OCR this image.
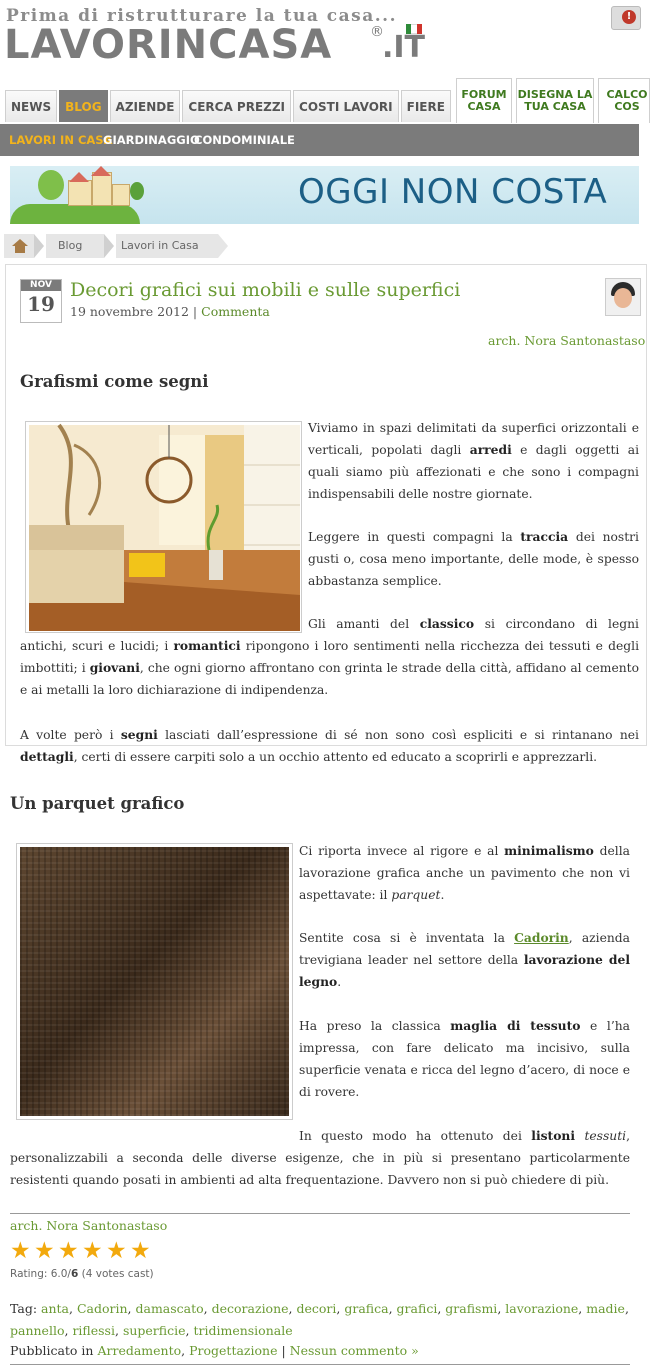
Prima di ristrutturare la tua casa...
LAVORINCASA	®
.IT
!
NEWS	BLOG	AZIENDE	CERCA PREZZI	COSTI LAVORI	FIERE
FORUM CASA
DISEGNA LA TUA CASA
CALCO COS
LAVORI IN CASA
GIARDINAGGIO
CONDOMINIALE
OGGI NON COSTA
Blog	Lavori in Casa
NOV
19
Decori grafici sui mobili e sulle superfici
19 novembre 2012 | Commenta
arch. Nora Santonastaso
Grafismi come segni
Viviamo in spazi delimitati da superfici orizzontali e verticali, popolati dagli arredi e dagli oggetti ai quali siamo più affezionati e che sono i compagni indispensabili delle nostre giornate.
Leggere in questi compagni la traccia dei nostri gusti o, cosa meno importante, delle mode, è spesso abbastanza semplice.
Gli amanti del classico si circondano di legni antichi, scuri e lucidi; i romantici ripongono i loro sentimenti nella ricchezza dei tessuti e degli imbottiti; i giovani, che ogni giorno affrontano con grinta le strade della città, affidano al cemento e ai metalli la loro dichiarazione di indipendenza.
A volte però i segni lasciati dall’espressione di sé non sono così espliciti e si rintanano nei dettagli, certi di essere carpiti solo a un occhio attento ed educato a scoprirli e apprezzarli.
Un parquet grafico
Ci riporta invece al rigore e al minimalismo della lavorazione grafica anche un pavimento che non vi aspettavate: il parquet.
Sentite cosa si è inventata la Cadorin, azienda trevigiana leader nel settore della lavorazione del legno.
Ha preso la classica maglia di tessuto e l’ha impressa, con fare delicato ma incisivo, sulla superficie venata e ricca del legno d’acero, di noce e di rovere.
In questo modo ha ottenuto dei listoni tessuti, personalizzabili a seconda delle diverse esigenze, che in più si presentano particolarmente resistenti quando posati in ambienti ad alta frequentazione. Davvero non si può chiedere di più.
arch. Nora Santonastaso
★ ★ ★ ★ ★ ★
Rating: 6.0/6 (4 votes cast)
Tag: anta, Cadorin, damascato, decorazione, decori, grafica, grafici, grafismi, lavorazione, madie, pannello, riflessi, superficie, tridimensionale
Pubblicato in Arredamento, Progettazione | Nessun commento »
